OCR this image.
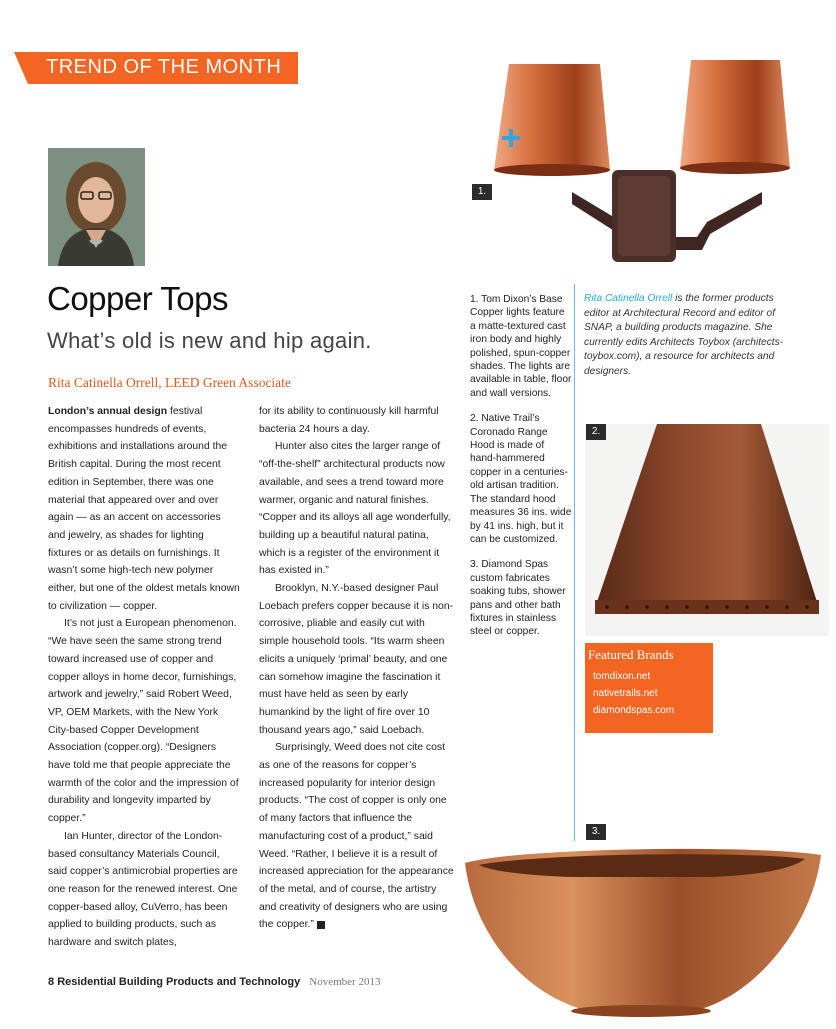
TREND OF THE MONTH
Copper Tops
What’s old is new and hip again.
Rita Catinella Orrell, LEED Green Associate

London’s annual design festival encompasses hundreds of events, exhibitions and installations around the British capital. During the most recent edition in September, there was one material that appeared over and over again — as an accent on accessories and jewelry, as shades for lighting fixtures or as details on furnishings. It wasn’t some high-tech new polymer either, but one of the oldest metals known to civilization — copper.

It’s not just a European phenomenon. “We have seen the same strong trend toward increased use of copper and copper alloys in home decor, furnishings, artwork and jewelry,” said Robert Weed, VP, OEM Markets, with the New York City-based Copper Development Association (copper.org). “Designers have told me that people appreciate the warmth of the color and the impression of durability and longevity imparted by copper.”

Ian Hunter, director of the London-based consultancy Materials Council, said copper’s antimicrobial properties are one reason for the renewed interest. One copper-based alloy, CuVerro, has been applied to building products, such as hardware and switch plates,

for its ability to continuously kill harmful bacteria 24 hours a day.

Hunter also cites the larger range of “off-the-shelf” architectural products now available, and sees a trend toward more warmer, organic and natural finishes. “Copper and its alloys all age wonderfully, building up a beautiful natural patina, which is a register of the environment it has existed in.”

Brooklyn, N.Y.-based designer Paul Loebach prefers copper because it is non-corrosive, pliable and easily cut with simple household tools. “Its warm sheen elicits a uniquely ‘primal’ beauty, and one can somehow imagine the fascination it must have held as seen by early humankind by the light of fire over 10 thousand years ago,” said Loebach.

Surprisingly, Weed does not cite cost as one of the reasons for copper’s increased popularity for interior design products. “The cost of copper is only one of many factors that influence the manufacturing cost of a product,” said Weed. “Rather, I believe it is a result of increased appreciation for the appearance of the metal, and of course, the artistry and creativity of designers who are using the copper.”

1. Tom Dixon’s Base Copper lights feature a matte-textured cast iron body and highly polished, spun-copper shades. The lights are available in table, floor and wall versions.

2. Native Trail’s Coronado Range Hood is made of hand-hammered copper in a centuries-old artisan tradition. The standard hood measures 36 ins. wide by 41 ins. high, but it can be customized.

3. Diamond Spas custom fabricates soaking tubs, shower pans and other bath fixtures in stainless steel or copper.

Rita Catinella Orrell is the former products editor at Architectural Record and editor of SNAP, a building products magazine. She currently edits Architects Toybox (architects-toybox.com), a resource for architects and designers.
1.
2.
Featured Brands
tomdixon.net
nativetrails.net
diamondspas.com
3.
8 Residential Building Products and Technology November 2013
